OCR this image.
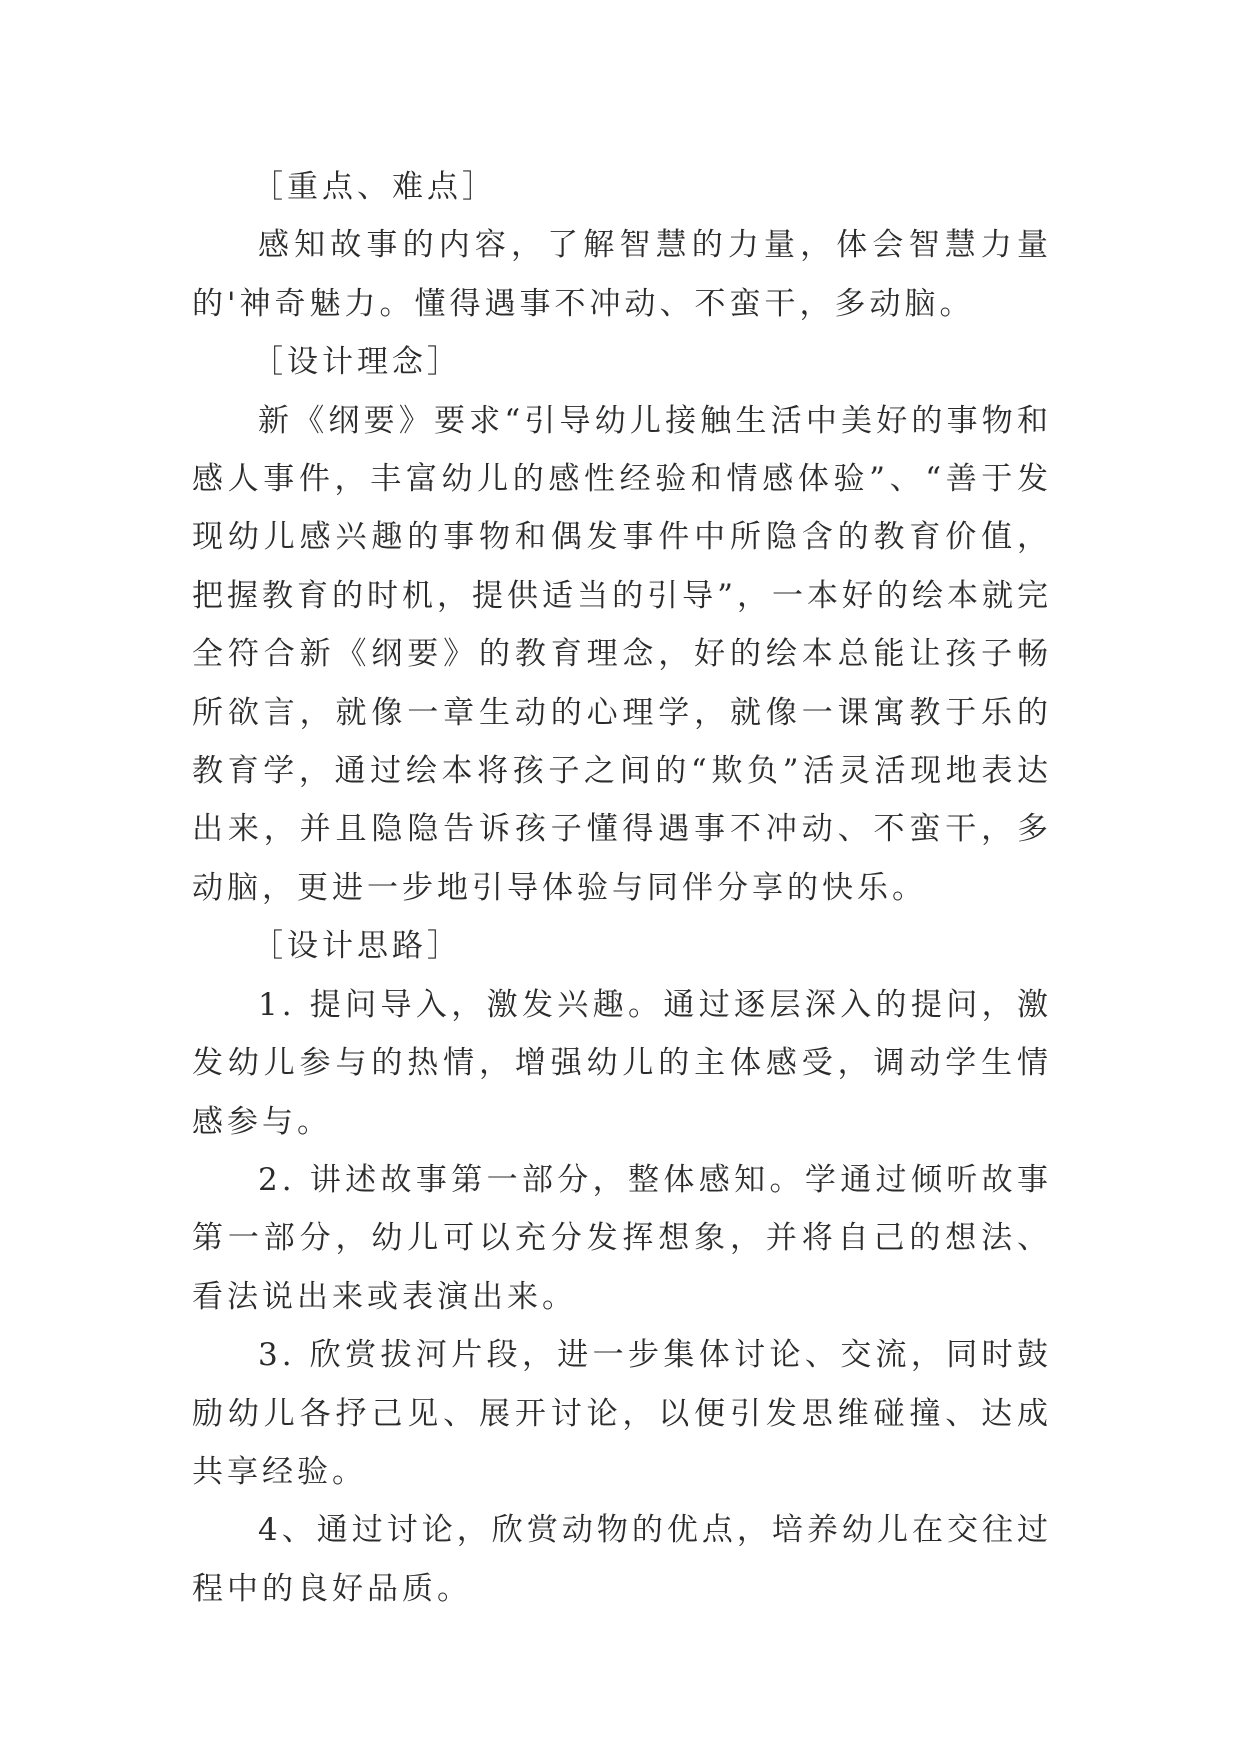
［重点、难点］

感知故事的内容，了解智慧的力量，体会智慧力量的'神奇魅力。懂得遇事不冲动、不蛮干，多动脑。

［设计理念］

新《纲要》要求“引导幼儿接触生活中美好的事物和感人事件，丰富幼儿的感性经验和情感体验”、“善于发现幼儿感兴趣的事物和偶发事件中所隐含的教育价值，把握教育的时机，提供适当的引导”，一本好的绘本就完全符合新《纲要》的教育理念，好的绘本总能让孩子畅所欲言，就像一章生动的心理学，就像一课寓教于乐的教育学，通过绘本将孩子之间的“欺负”活灵活现地表达出来，并且隐隐告诉孩子懂得遇事不冲动、不蛮干，多动脑，更进一步地引导体验与同伴分享的快乐。

［设计思路］

1. 提问导入，激发兴趣。通过逐层深入的提问，激发幼儿参与的热情，增强幼儿的主体感受，调动学生情感参与。

2. 讲述故事第一部分，整体感知。学通过倾听故事第一部分，幼儿可以充分发挥想象，并将自己的想法、看法说出来或表演出来。

3. 欣赏拔河片段，进一步集体讨论、交流，同时鼓励幼儿各抒己见、展开讨论，以便引发思维碰撞、达成共享经验。

4、通过讨论，欣赏动物的优点，培养幼儿在交往过程中的良好品质。
